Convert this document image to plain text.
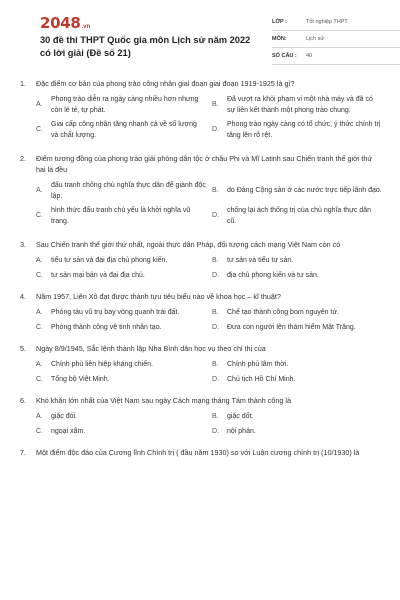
2048 .vn
30 đề thi THPT Quốc gia môn Lịch sử năm 2022 có lời giải (Đề số 21)
LỚP :	Tốt nghiệp THPT
MÔN:	Lịch sử
SỐ CÂU :	40
1.	Đặc điểm cơ bản của phong trào công nhân giai đoạn giai đoạn 1919-1925 là gì?
A.
Phong trào diễn ra ngày càng nhiều hơn nhưng còn lẻ tẻ, tự phát.
B.
Đã vượt ra khỏi phạm vi một nhà máy và đã có sự liên kết thành một phong trào chung.
C.
Giai cấp công nhân tăng nhanh cả về số lượng và chất lượng.
D.
Phong trào ngày càng có tổ chức, ý thức chính trị tăng lên rõ rệt.
2.	Điểm tương đồng của phong trào giải phóng dân tộc ở châu Phi và Mĩ Latinh sau Chiến tranh thế giới thứ hai là đều
A.
đấu tranh chống chủ nghĩa thực dân để giành độc lập.
B.	do Đảng Cộng sản ở các nước trực tiếp lãnh đạo.
C.
hình thức đấu tranh chủ yếu là khởi nghĩa vũ trang.
D.
chống lại ách thống trị của chủ nghĩa thực dân cũ.
3.	Sau Chiến tranh thế giới thứ nhất, ngoài thực dân Pháp, đối tượng cách mạng Việt Nam còn có
A.	tiểu tư sản và đại địa chủ phong kiến.	B.	tư sản và tiểu tư sản.
C.	tư sản mại bản và đại địa chủ.	D.	địa chủ phong kiến và tư sản.
4.	Năm 1957, Liên Xô đạt được thành tựu tiêu biểu nào về khoa học – kĩ thuật?
A.	Phóng tàu vũ trụ bay vòng quanh trái đất.	B.	Chế tạo thành công bom nguyên tử.
C.	Phóng thành công vệ tinh nhân tạo.	D.	Đưa con người lên thám hiểm Mặt Trăng.
5.	Ngày 8/9/1945, Sắc lệnh thành lập Nha Bình dân học vụ theo chỉ thị của
A.	Chính phủ liên hiệp kháng chiến.	B.	Chính phủ lâm thời.
C.	Tổng bộ Việt Minh.	D.	Chủ tịch Hồ Chí Minh.
6.	Khó khăn lớn nhất của Việt Nam sau ngày Cách mạng tháng Tám thành công là
A.	giặc đói.	B.	giặc dốt.
C.	ngoại xâm.	D.	nội phản.
7.	Một điểm độc đáo của Cương lĩnh Chính trị ( đầu năm 1930) so với Luận cương chính trị (10/1930) là
